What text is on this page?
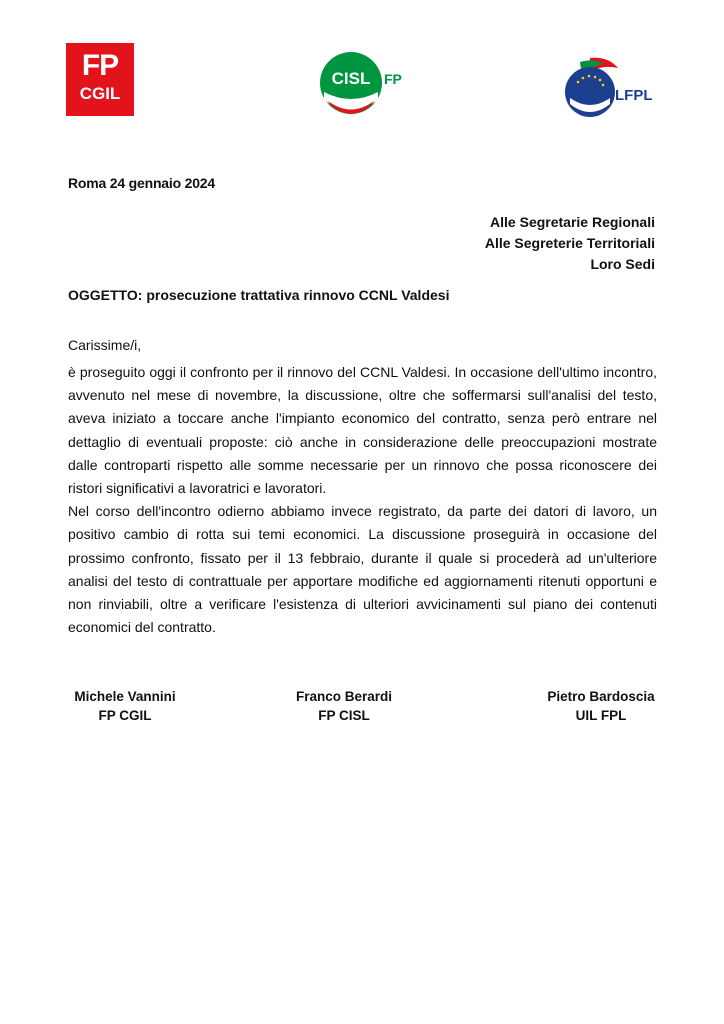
FP
CGIL
CISL FP
UILFPL
Roma 24 gennaio 2024
Alle Segretarie Regionali
Alle Segreterie Territoriali
Loro Sedi
OGGETTO: prosecuzione trattativa rinnovo CCNL Valdesi
Carissime/i,

è proseguito oggi il confronto per il rinnovo del CCNL Valdesi. In occasione dell'ultimo incontro, avvenuto nel mese di novembre, la discussione, oltre che soffermarsi sull'analisi del testo, aveva iniziato a toccare anche l'impianto economico del contratto, senza però entrare nel dettaglio di eventuali proposte: ciò anche in considerazione delle preoccupazioni mostrate dalle controparti rispetto alle somme necessarie per un rinnovo che possa riconoscere dei ristori significativi a lavoratrici e lavoratori.

Nel corso dell'incontro odierno abbiamo invece registrato, da parte dei datori di lavoro, un positivo cambio di rotta sui temi economici. La discussione proseguirà in occasione del prossimo confronto, fissato per il 13 febbraio, durante il quale si procederà ad un'ulteriore analisi del testo di contrattuale per apportare modifiche ed aggiornamenti ritenuti opportuni e non rinviabili, oltre a verificare l'esistenza di ulteriori avvicinamenti sul piano dei contenuti economici del contratto.

Michele Vannini
FP CGIL
Franco Berardi
FP CISL
Pietro Bardoscia
UIL FPL
